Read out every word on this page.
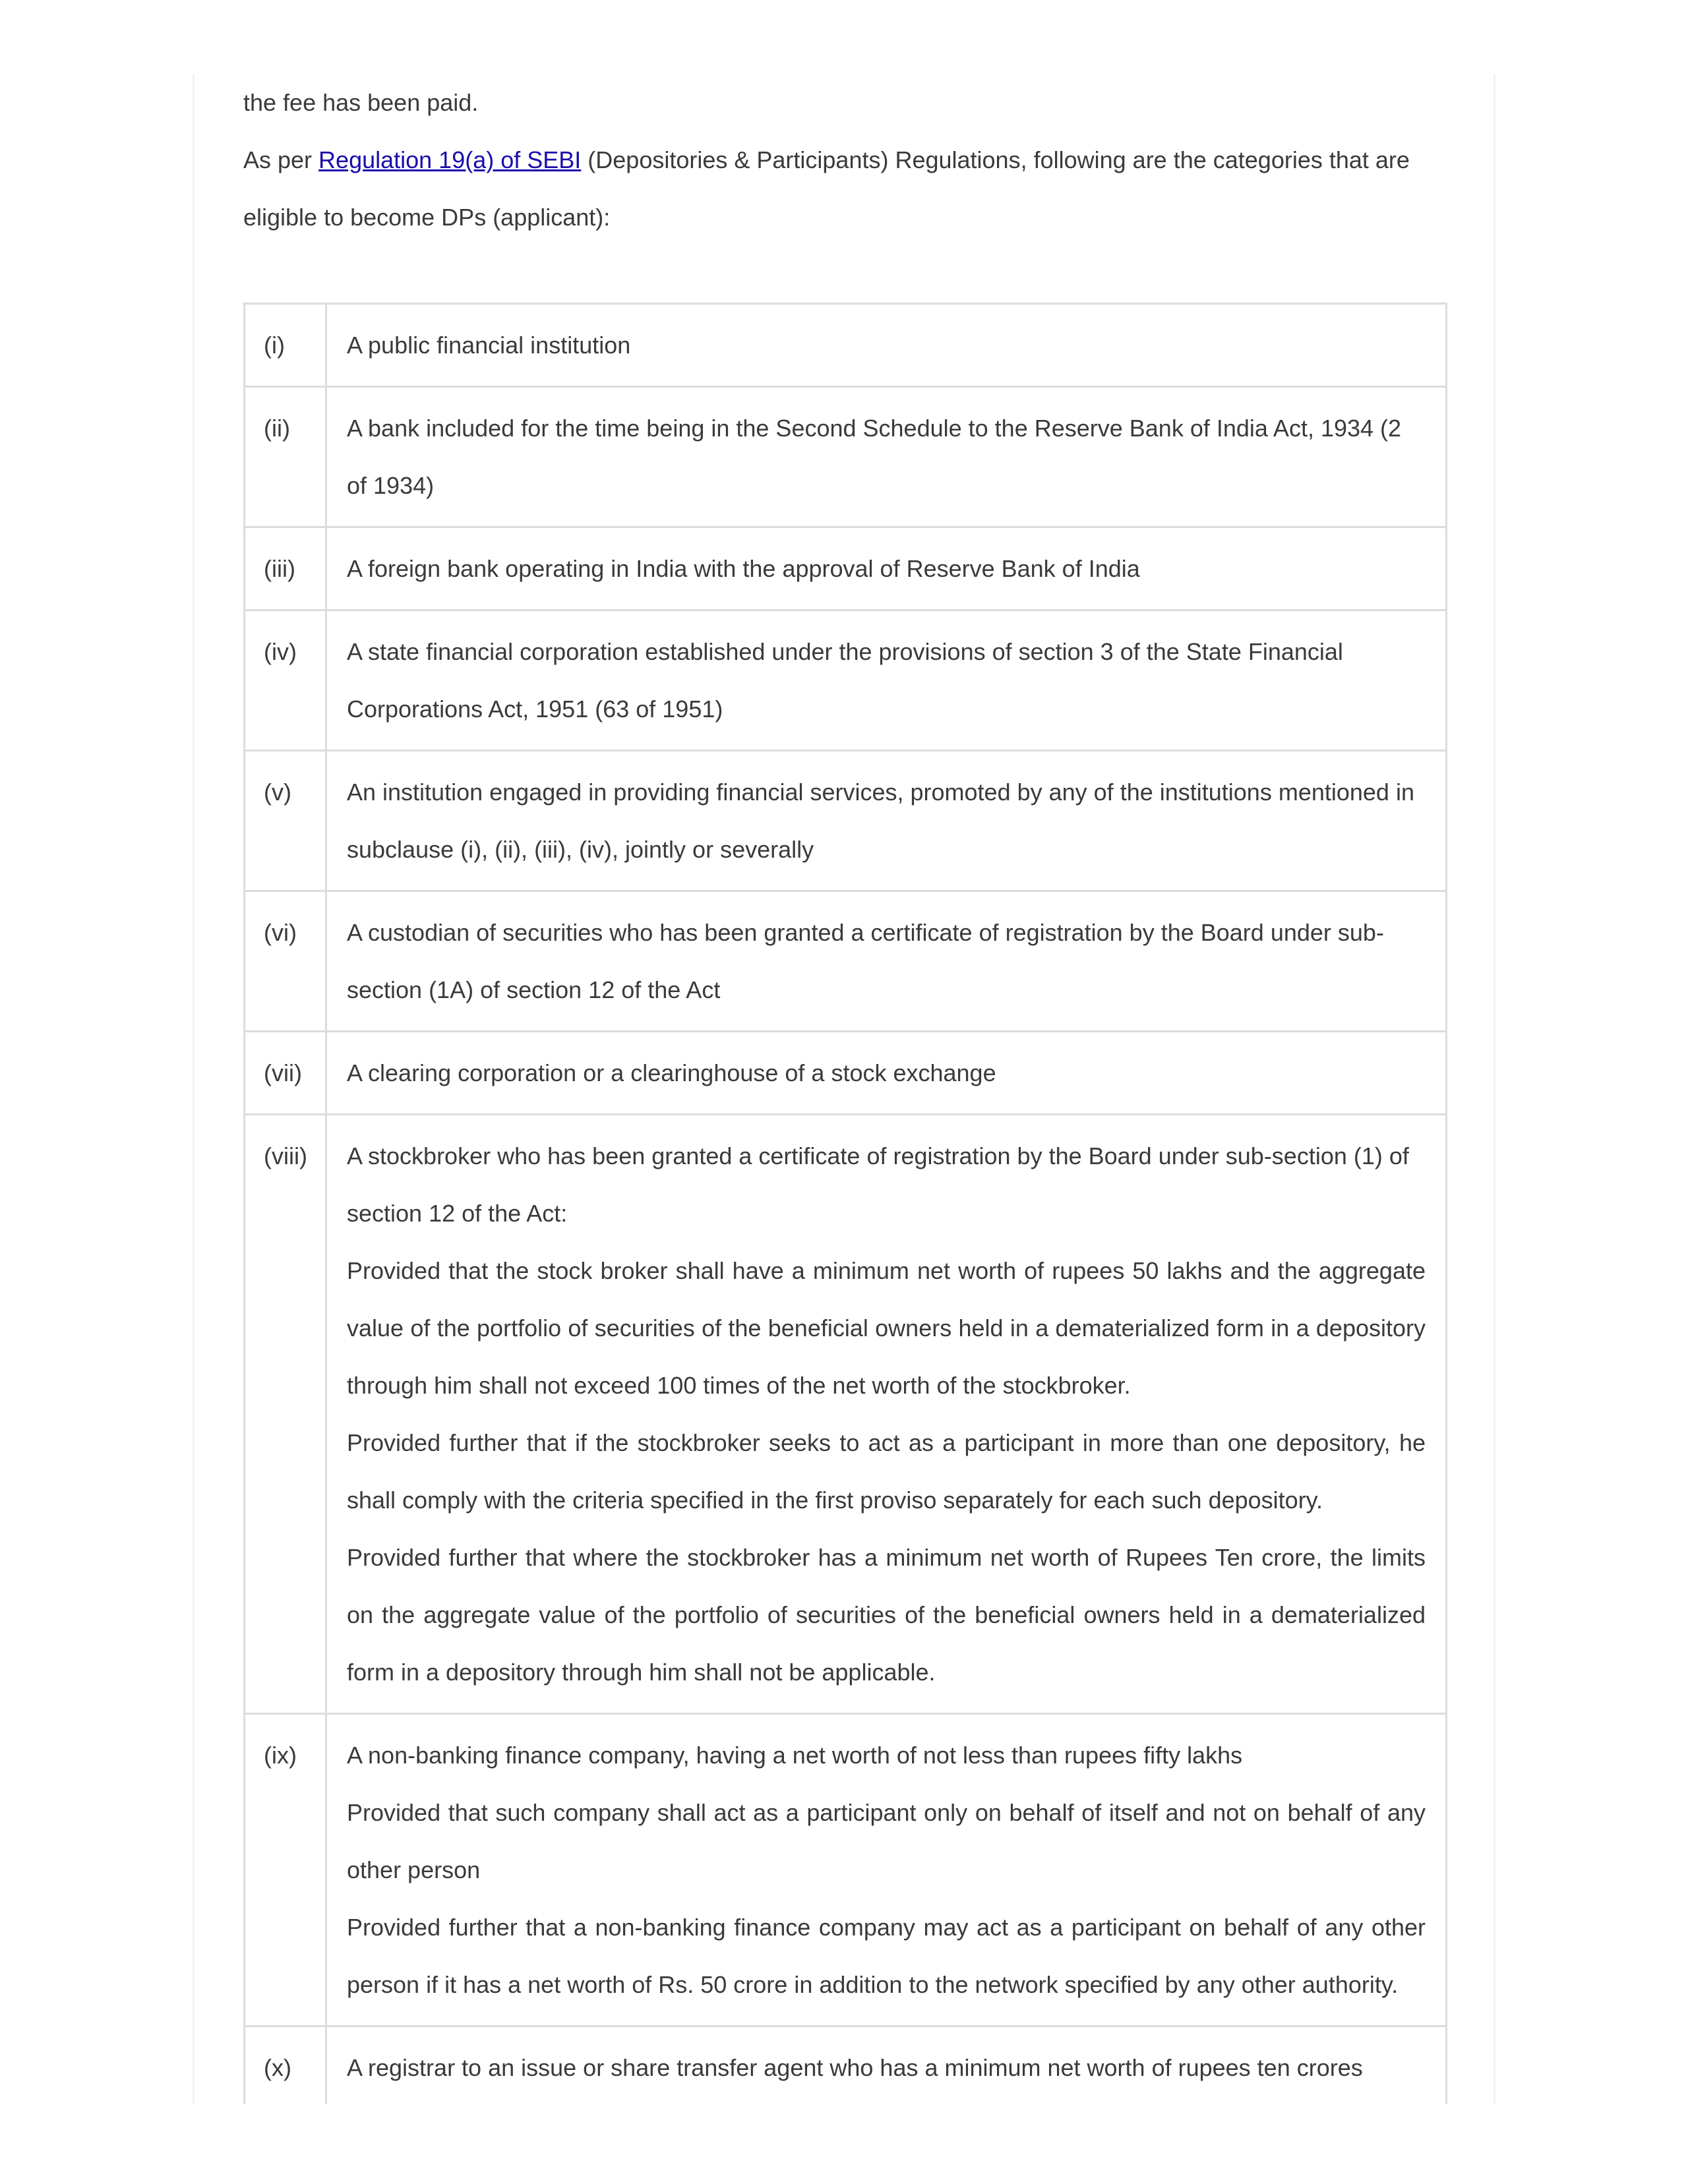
the fee has been paid.

As per Regulation 19(a) of SEBI (Depositories & Participants) Regulations, following are the categories that are eligible to become DPs (applicant):

(i)	A public financial institution
(ii)	A bank included for the time being in the Second Schedule to the Reserve Bank of India Act, 1934 (2 of 1934)
(iii)	A foreign bank operating in India with the approval of Reserve Bank of India
(iv)	A state financial corporation established under the provisions of section 3 of the State Financial Corporations Act, 1951 (63 of 1951)
(v)	An institution engaged in providing financial services, promoted by any of the institutions mentioned in subclause (i), (ii), (iii), (iv), jointly or severally
(vi)	A custodian of securities who has been granted a certificate of registration by the Board under sub-section (1A) of section 12 of the Act
(vii)	A clearing corporation or a clearinghouse of a stock exchange
(viii)	A stockbroker who has been granted a certificate of registration by the Board under sub-section (1) of section 12 of the Act:
Provided that the stock broker shall have a minimum net worth of rupees 50 lakhs and the aggregate value of the portfolio of securities of the beneficial owners held in a dematerialized form in a depository through him shall not exceed 100 times of the net worth of the stockbroker.
Provided further that if the stockbroker seeks to act as a participant in more than one depository, he shall comply with the criteria specified in the first proviso separately for each such depository.
Provided further that where the stockbroker has a minimum net worth of Rupees Ten crore, the limits on the aggregate value of the portfolio of securities of the beneficial owners held in a dematerialized form in a depository through him shall not be applicable.

(ix)	A non-banking finance company, having a net worth of not less than rupees fifty lakhs
Provided that such company shall act as a participant only on behalf of itself and not on behalf of any other person
Provided further that a non-banking finance company may act as a participant on behalf of any other person if it has a net worth of Rs. 50 crore in addition to the network specified by any other authority.

(x)	A registrar to an issue or share transfer agent who has a minimum net worth of rupees ten crores
